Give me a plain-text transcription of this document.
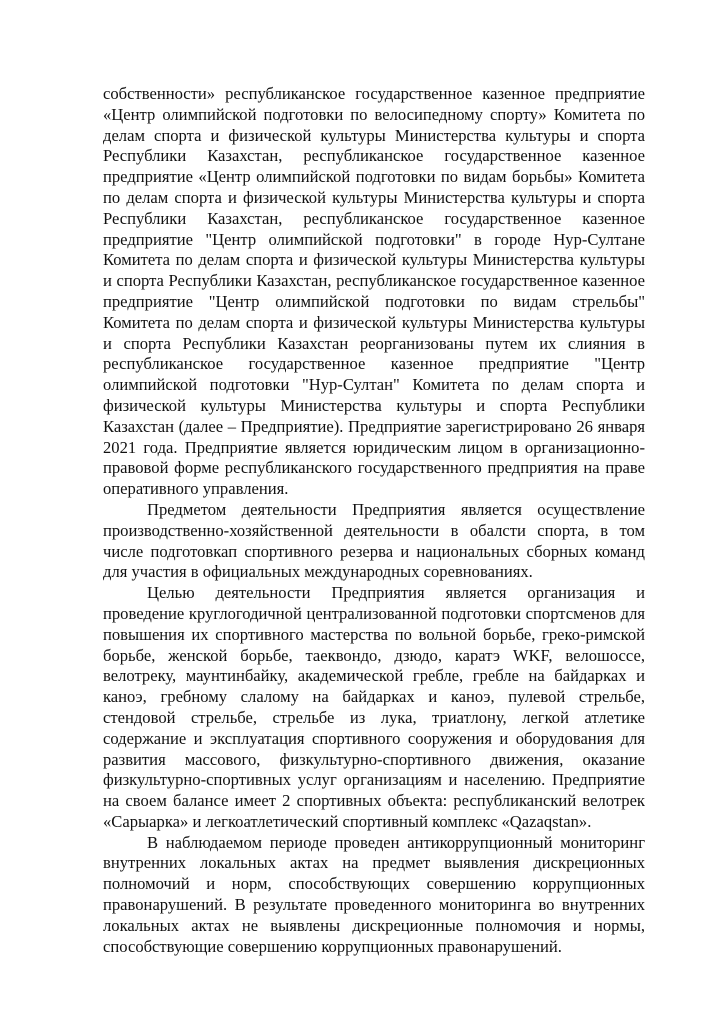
собственности» республиканское государственное казенное предприятие «Центр олимпийской подготовки по велосипедному спорту» Комитета по делам спорта и физической культуры Министерства культуры и спорта Республики Казахстан, республиканское государственное казенное предприятие «Центр олимпийской подготовки по видам борьбы» Комитета по делам спорта и физической культуры Министерства культуры и спорта Республики Казахстан, республиканское государственное казенное предприятие "Центр олимпийской подготовки" в городе Нур-Султане Комитета по делам спорта и физической культуры Министерства культуры и спорта Республики Казахстан, республиканское государственное казенное предприятие "Центр олимпийской подготовки по видам стрельбы" Комитета по делам спорта и физической культуры Министерства культуры и спорта Республики Казахстан реорганизованы путем их слияния в республиканское государственное казенное предприятие "Центр олимпийской подготовки "Нур-Султан" Комитета по делам спорта и физической культуры Министерства культуры и спорта Республики Казахстан (далее – Предприятие). Предприятие зарегистрировано 26 января 2021 года. Предприятие является юридическим лицом в организационно-правовой форме республиканского государственного предприятия на праве оперативного управления.

Предметом деятельности Предприятия является осуществление производственно-хозяйственной деятельности в обалсти спорта, в том числе подготовкап спортивного резерва и национальных сборных команд для участия в официальных международных соревнованиях.

Целью деятельности Предприятия является организация и проведение круглогодичной централизованной подготовки спортсменов для повышения их спортивного мастерства по вольной борьбе, греко-римской борьбе, женской борьбе, таеквондо, дзюдо, каратэ WKF, велошоссе, велотреку, маунтинбайку, академической гребле, гребле на байдарках и каноэ, гребному слалому на байдарках и каноэ, пулевой стрельбе, стендовой стрельбе, стрельбе из лука, триатлону, легкой атлетике содержание и эксплуатация спортивного сооружения и оборудования для развития массового, физкультурно-спортивного движения, оказание физкультурно-спортивных услуг организациям и населению. Предприятие на своем балансе имеет 2 спортивных объекта: республиканский велотрек «Сарыарка» и легкоатлетический спортивный комплекс «Qazaqstan».

В наблюдаемом периоде проведен антикоррупционный мониторинг внутренних локальных актах на предмет выявления дискреционных полномочий и норм, способствующих совершению коррупционных правонарушений. В результате проведенного мониторинга во внутренних локальных актах не выявлены дискреционные полномочия и нормы, способствующие совершению коррупционных правонарушений.
